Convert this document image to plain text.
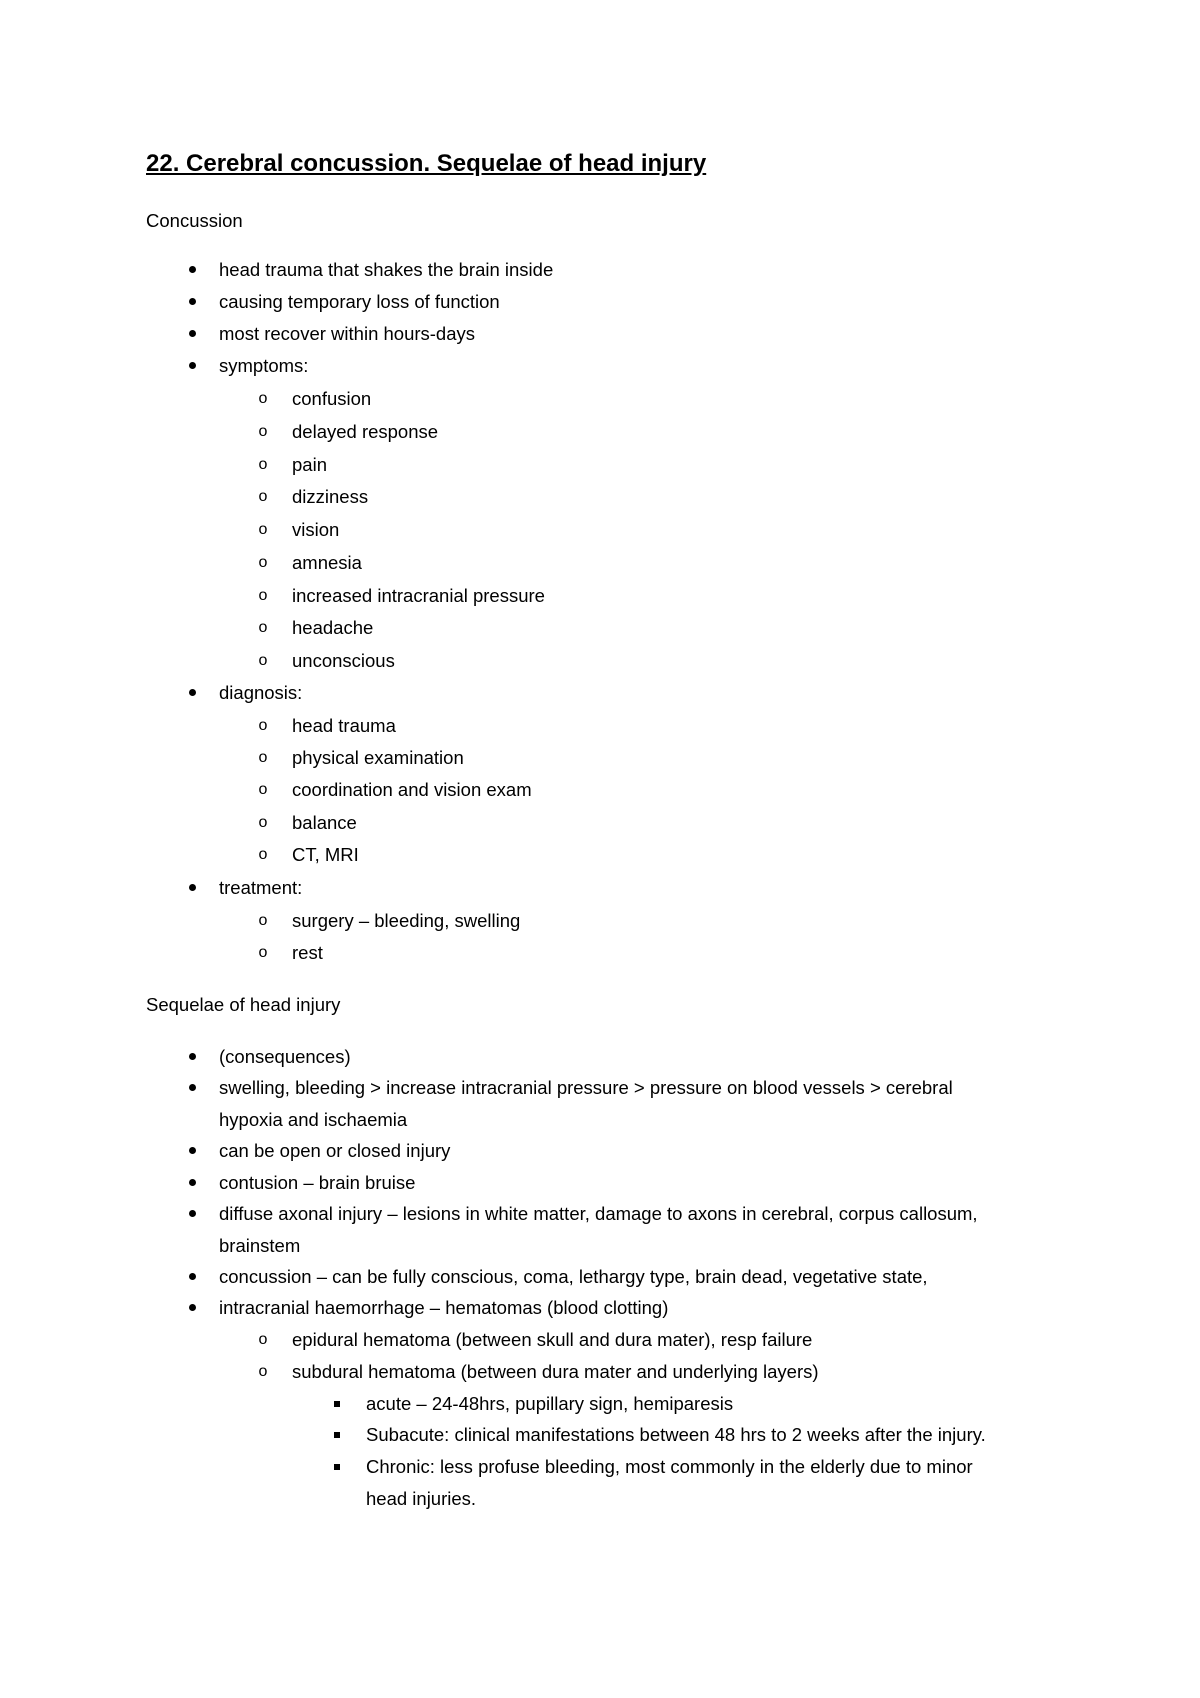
22. Cerebral concussion. Sequelae of head injury
Concussion
head trauma that shakes the brain inside
causing temporary loss of function
most recover within hours-days
symptoms:
o confusion
o delayed response
o pain
o dizziness
o vision
o amnesia
o increased intracranial pressure
o headache
o unconscious
diagnosis:
o head trauma
o physical examination
o coordination and vision exam
o balance
o CT, MRI
treatment:
o surgery – bleeding, swelling
o rest
Sequelae of head injury
(consequences)
swelling, bleeding > increase intracranial pressure > pressure on blood vessels > cerebral
hypoxia and ischaemia
can be open or closed injury
contusion – brain bruise
diffuse axonal injury – lesions in white matter, damage to axons in cerebral, corpus callosum,
brainstem
concussion – can be fully conscious, coma, lethargy type, brain dead, vegetative state,
intracranial haemorrhage – hematomas (blood clotting)
o epidural hematoma (between skull and dura mater), resp failure
o subdural hematoma (between dura mater and underlying layers)
acute – 24-48hrs, pupillary sign, hemiparesis
Subacute: clinical manifestations between 48 hrs to 2 weeks after the injury.
Chronic: less profuse bleeding, most commonly in the elderly due to minor
head injuries.
